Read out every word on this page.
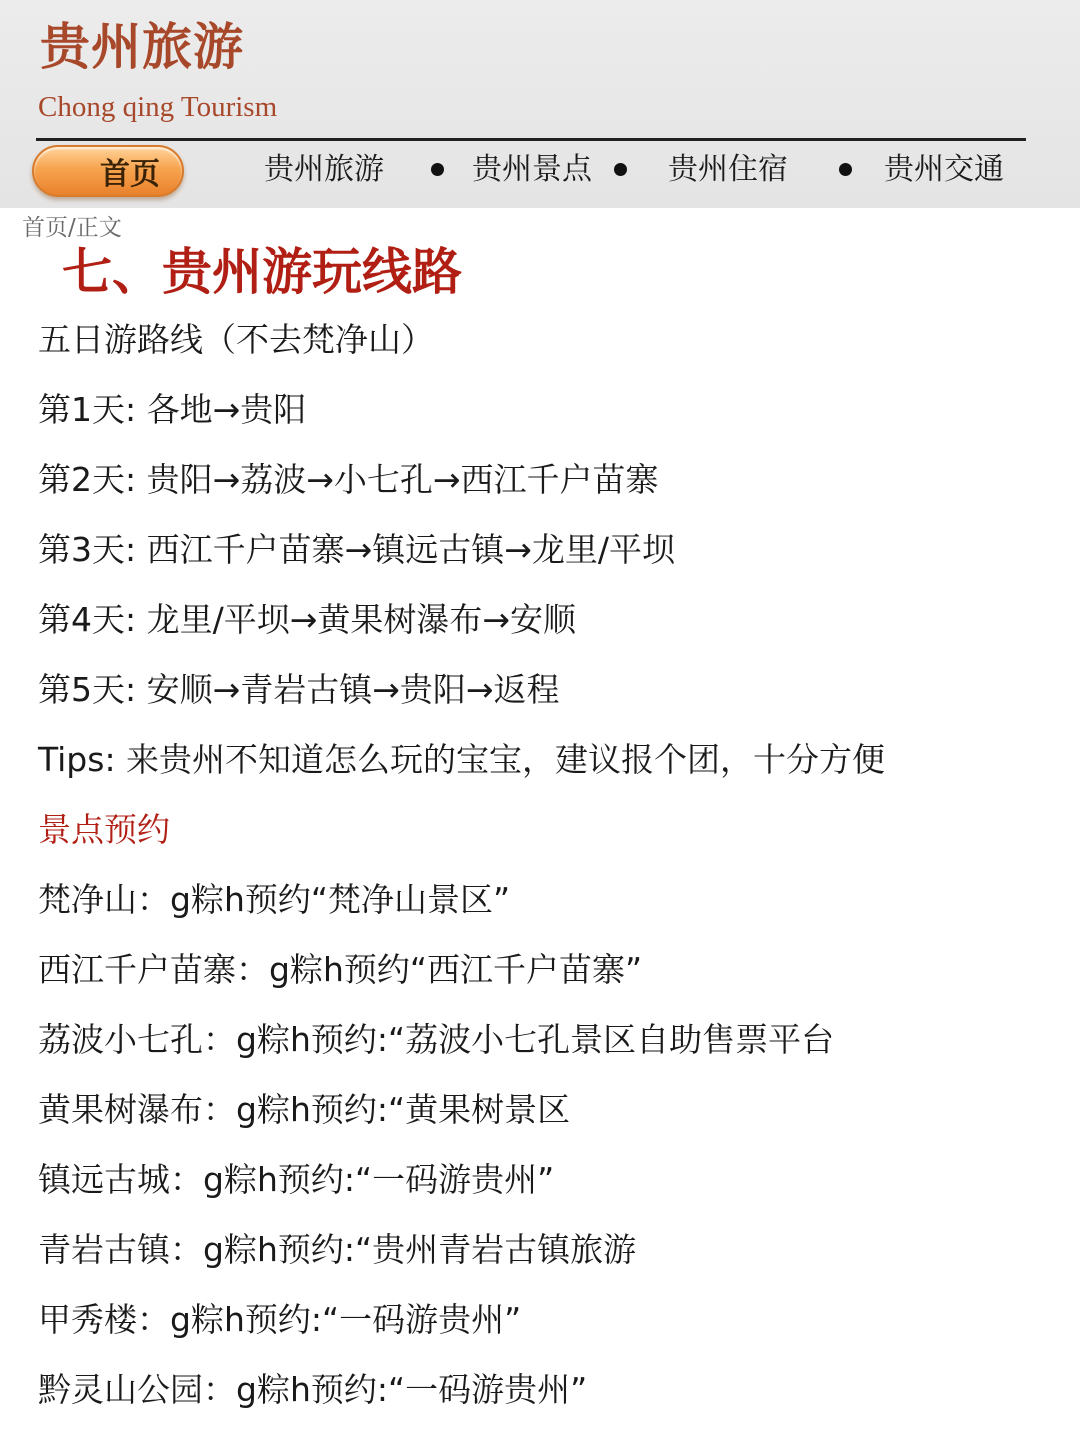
贵州旅游
Chong qing Tourism
首页	贵州旅游	贵州景点	贵州住宿	贵州交通
首页/正文
七、贵州游玩线路
五日游路线（不去梵净山）
第1天: 各地→贵阳
第2天: 贵阳→荔波→小七孔→西江千户苗寨
第3天: 西江千户苗寨→镇远古镇→龙里/平坝
第4天: 龙里/平坝→黄果树瀑布→安顺
第5天: 安顺→青岩古镇→贵阳→返程
Tips: 来贵州不知道怎么玩的宝宝，建议报个团，十分方便
景点预约
梵净山：g粽h预约“梵净山景区”
西江千户苗寨：g粽h预约“西江千户苗寨”
荔波小七孔：g粽h预约:“荔波小七孔景区自助售票平台
黄果树瀑布：g粽h预约:“黄果树景区
镇远古城：g粽h预约:“一码游贵州”
青岩古镇：g粽h预约:“贵州青岩古镇旅游
甲秀楼：g粽h预约:“一码游贵州”
黔灵山公园：g粽h预约:“一码游贵州”
